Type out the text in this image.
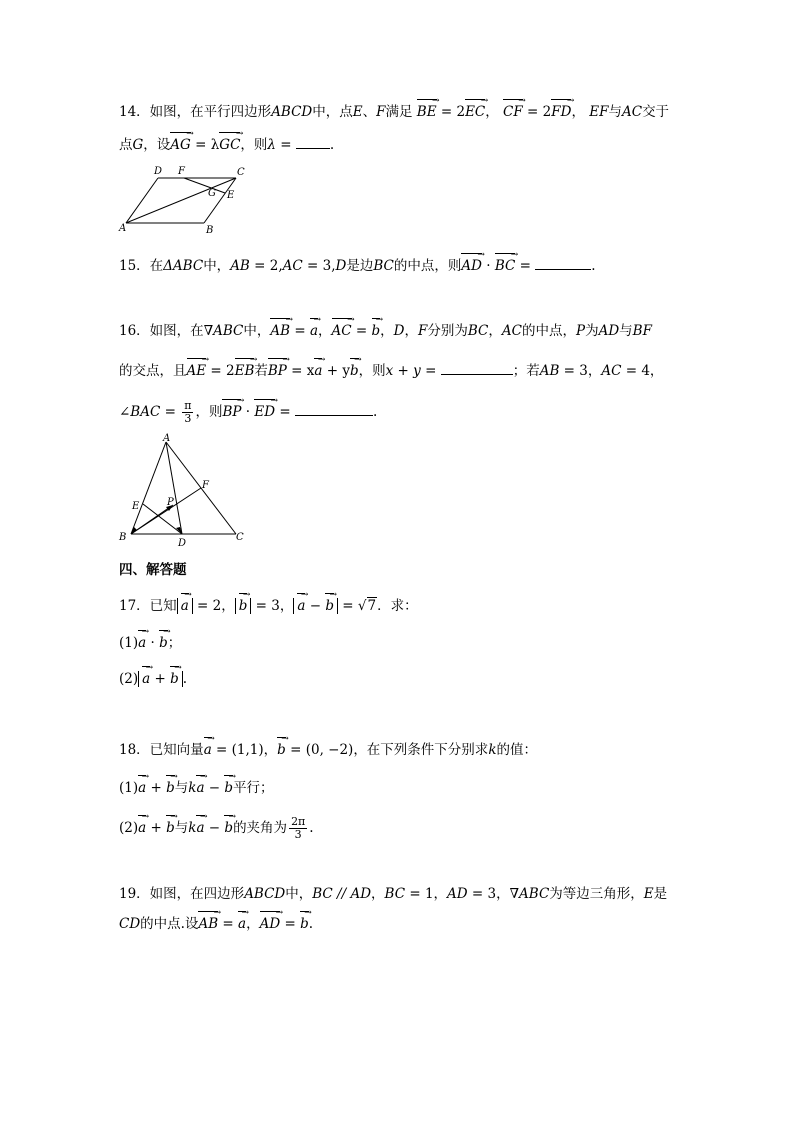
14．如图，在平行四边形ABCD中，点E、F满足 BE → = 2EC →， CF → = 2FD →， EF与AC交于
点G，设AG → = λGC →，则λ =	.
D F	C
G E
A	B
15．在ΔABC中，AB = 2,AC = 3,D是边BC的中点，则AD → · BC → =	.
16．如图，在∇ABC中，AB → = a →，AC → = b →，D，F分别为BC，AC的中点，P为AD与BF
的交点，且AE → = 2EB →若BP → = xa → + yb →，则x + y =	；若AB = 3，AC = 4，
∠BAC = $\frac{\pi}{3}$ ，则BP → · ED → =	.
A
E	P
F
B
D
C
四、解答题
17．已知 a → = 2， b → = 3， a → − b → = √7．求：
(1)a → · b →；
(2) a → + b → .
18．已知向量a → = (1,1)，b → = (0, −2)，在下列条件下分别求k的值：
(1)a → + b →与ka → − b →平行；
(2)a → + b →与ka → − b →的夹角为 $\frac{2\pi}{3}$ .
19．如图，在四边形ABCD中，BC // AD，BC = 1，AD = 3，∇ABC为等边三角形，E是
CD的中点.设AB → = a →，AD → = b →.
